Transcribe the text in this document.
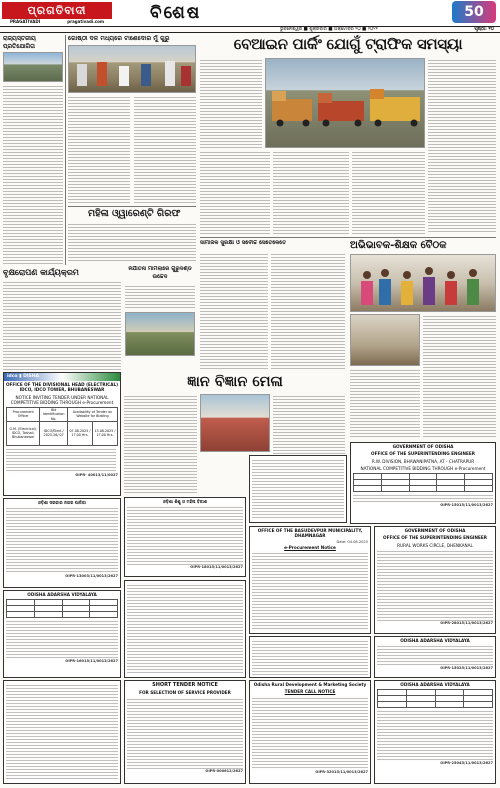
ପ୍ରଗତିବାଦୀ
PRAGATIVADI	pragativadi.com	ବିଶେଷ	50
ଭୁବନେଶ୍ୱର ■ ଶୁକ୍ରବାର ■ ଅକ୍ଟୋବର ୨୦ ■ ୨୦୨୧	ପୃଷ୍ଠା: ୧୦
ରାଜ୍ୟସ୍ତରୀୟ ପ୍ରତିଯୋଗିତା
ଗୋଷ୍ଠୀ ଦଳ ମଧ୍ୟରେ ଟାଣେଦୋର ମୁଁ ଗୁରୁ
ମହିଳା ଓ୍ୱାରେଣ୍ଟି ଗିରଫ
ବେଆଇନ ପାର୍କିଂ ଯୋଗୁଁ ଟ୍ରାଫିକ ସମସ୍ୟା
ବୃକ୍ଷରୋପଣ କାର୍ଯ୍ୟକ୍ରମ	ନିର୍ଯାତନା ମାମଲାରେ ଗୁରୁଦଣ୍ଡ ଉଚ୍ଚେଦ
ସାମାଜିକ ସୁରକ୍ଷା ଓ ସର୍ବୋଚ୍ଚ ସେତେକେତେ	ଅଭିଭାବକ-ଶିକ୍ଷକ ବୈଠକ
ଜ୍ଞାନ ବିଜ୍ଞାନ ମେଳା
idco ▮ DISHA
OFFICE OF THE DIVISIONAL HEAD (ELECTRICAL) IDCO, IDCO TOWER, BHUBANESWAR
NOTICE INVITING TENDER UNDER NATIONAL COMPETITIVE BIDDING THROUGH e-Procurement
Procurement Officer	Bid Identification No.	Availability of Tender on Website for Bidding	
G.M. (Electrical), IDCO, Toshali, Bhubaneswar	IDCO/Elect./ 2025-26/ 07	07.08.2025 / 17.00 Hrs.	13.08.2025 / 17.00 Hrs.
OIPR- 40013/11/0027
GOVERNMENT OF ODISHA
OFFICE OF THE SUPERINTENDING ENGINEER
R.W. DIVISION, BHAWANIPATNA, AT - CHATRAPUR
NATIONAL COMPETITIVE BIDDING THROUGH e-Procurement

OIPR-15015/11/0013/2627
ଓଡ଼ିଶା ସରକାର ନଗର ପାଳିକା
OIPR-13003/11/0013/2627
ଓଡ଼ିଶା ଶିଶୁ ଓ ମହିଳା ବିକାଶ
OIPR-18015/11/0013/2627
OFFICE OF THE BASUDEVPUR MUNICIPALITY, DHAMNAGAR
Date: 04.08.2025
e-Procurement Notice
GOVERNMENT OF ODISHA
OFFICE OF THE SUPERINTENDING ENGINEER
RURAL WORKS CIRCLE, DHENKANAL
OIPR-28015/11/0013/2627
ODISHA ADARSHA VIDYALAYA

OIPR-16015/11/0013/2627
SHORT TENDER NOTICE
FOR SELECTION OF SERVICE PROVIDER
OIPR-000612/2627
Odisha Rural Development & Marketing Society
TENDER CALL NOTICE
OIPR-32015/11/0013/2627
ODISHA ADARSHA VIDYALAYA
OIPR-15025/11/0013/2627
ODISHA ADARSHA VIDYALAYA

OIPR-25045/11/0013/2627
